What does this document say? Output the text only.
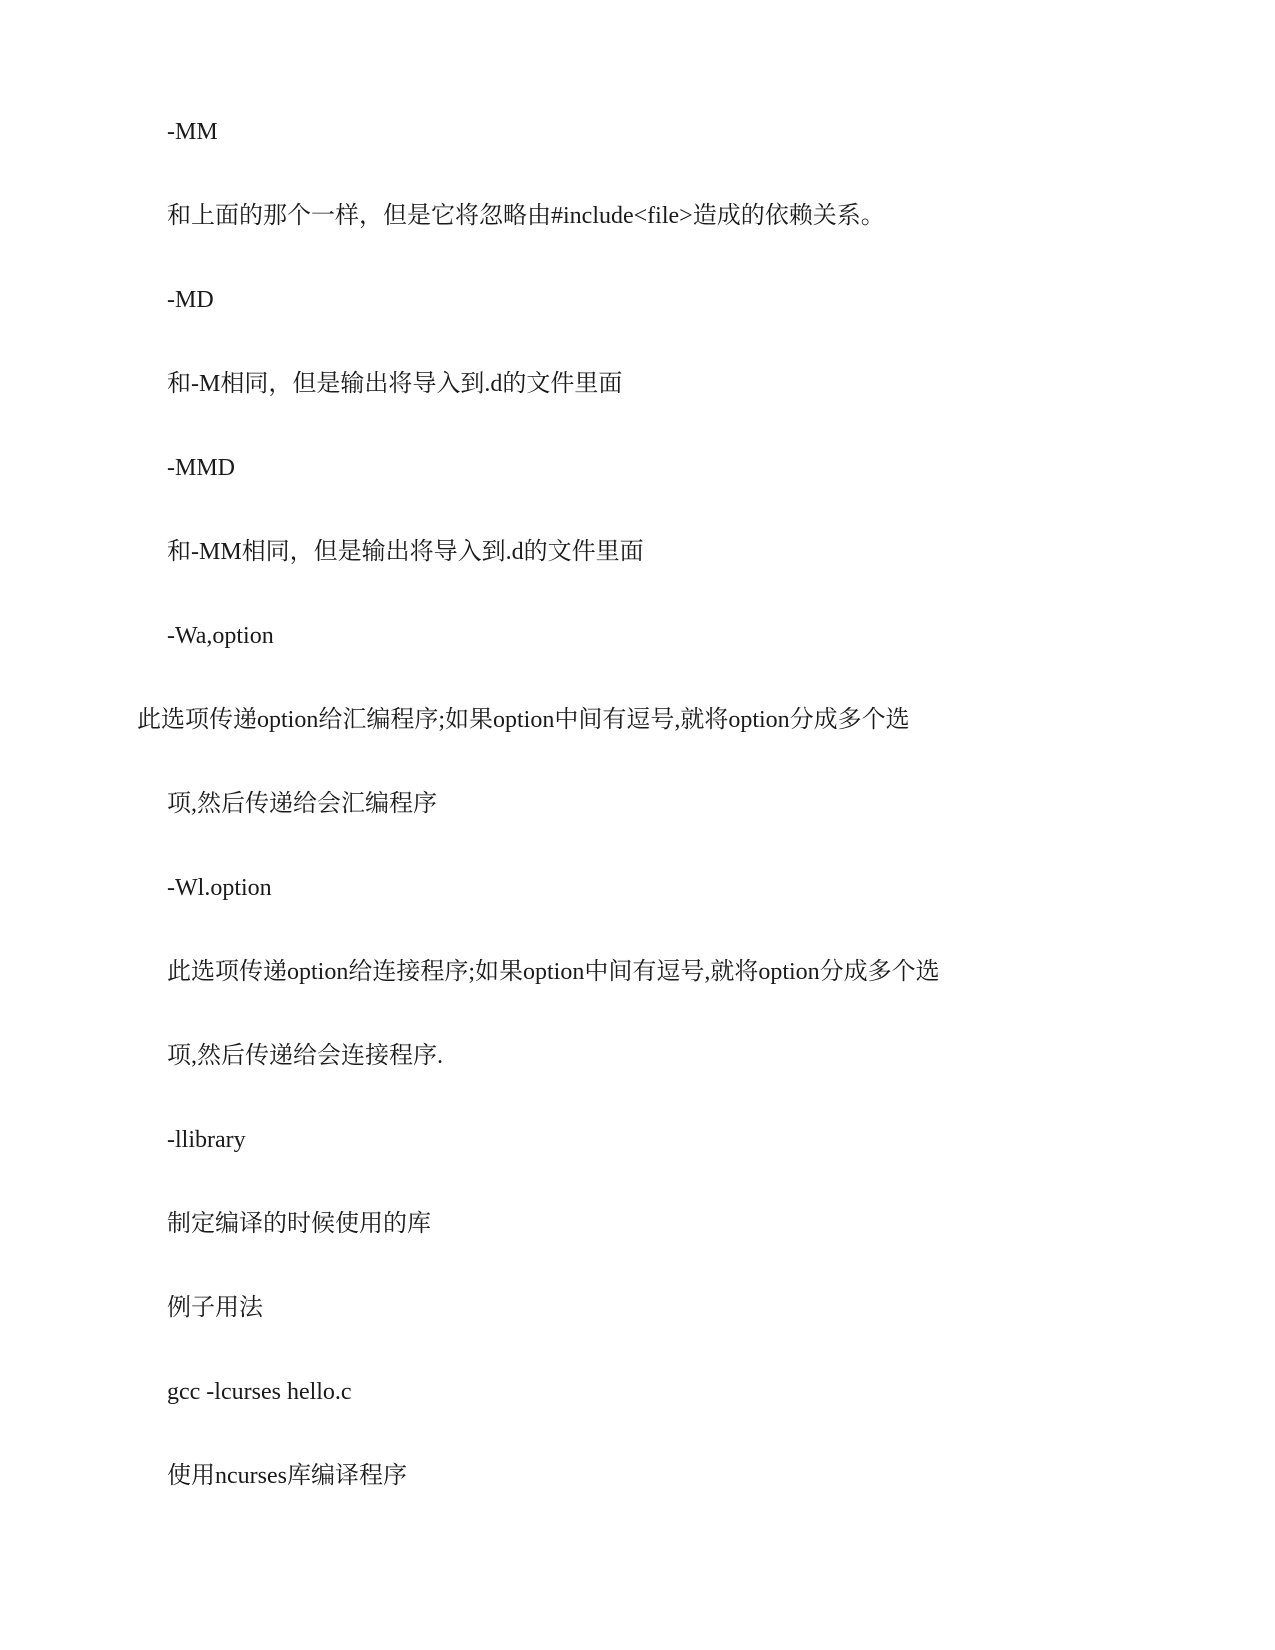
-MM
和上面的那个一样，但是它将忽略由#include<file>造成的依赖关系。
-MD
和-M相同，但是输出将导入到.d的文件里面
-MMD
和-MM相同，但是输出将导入到.d的文件里面
-Wa,option
此选项传递option给汇编程序;如果option中间有逗号,就将option分成多个选
项,然后传递给会汇编程序
-Wl.option
此选项传递option给连接程序;如果option中间有逗号,就将option分成多个选
项,然后传递给会连接程序.
-llibrary
制定编译的时候使用的库
例子用法
gcc -lcurses hello.c
使用ncurses库编译程序
